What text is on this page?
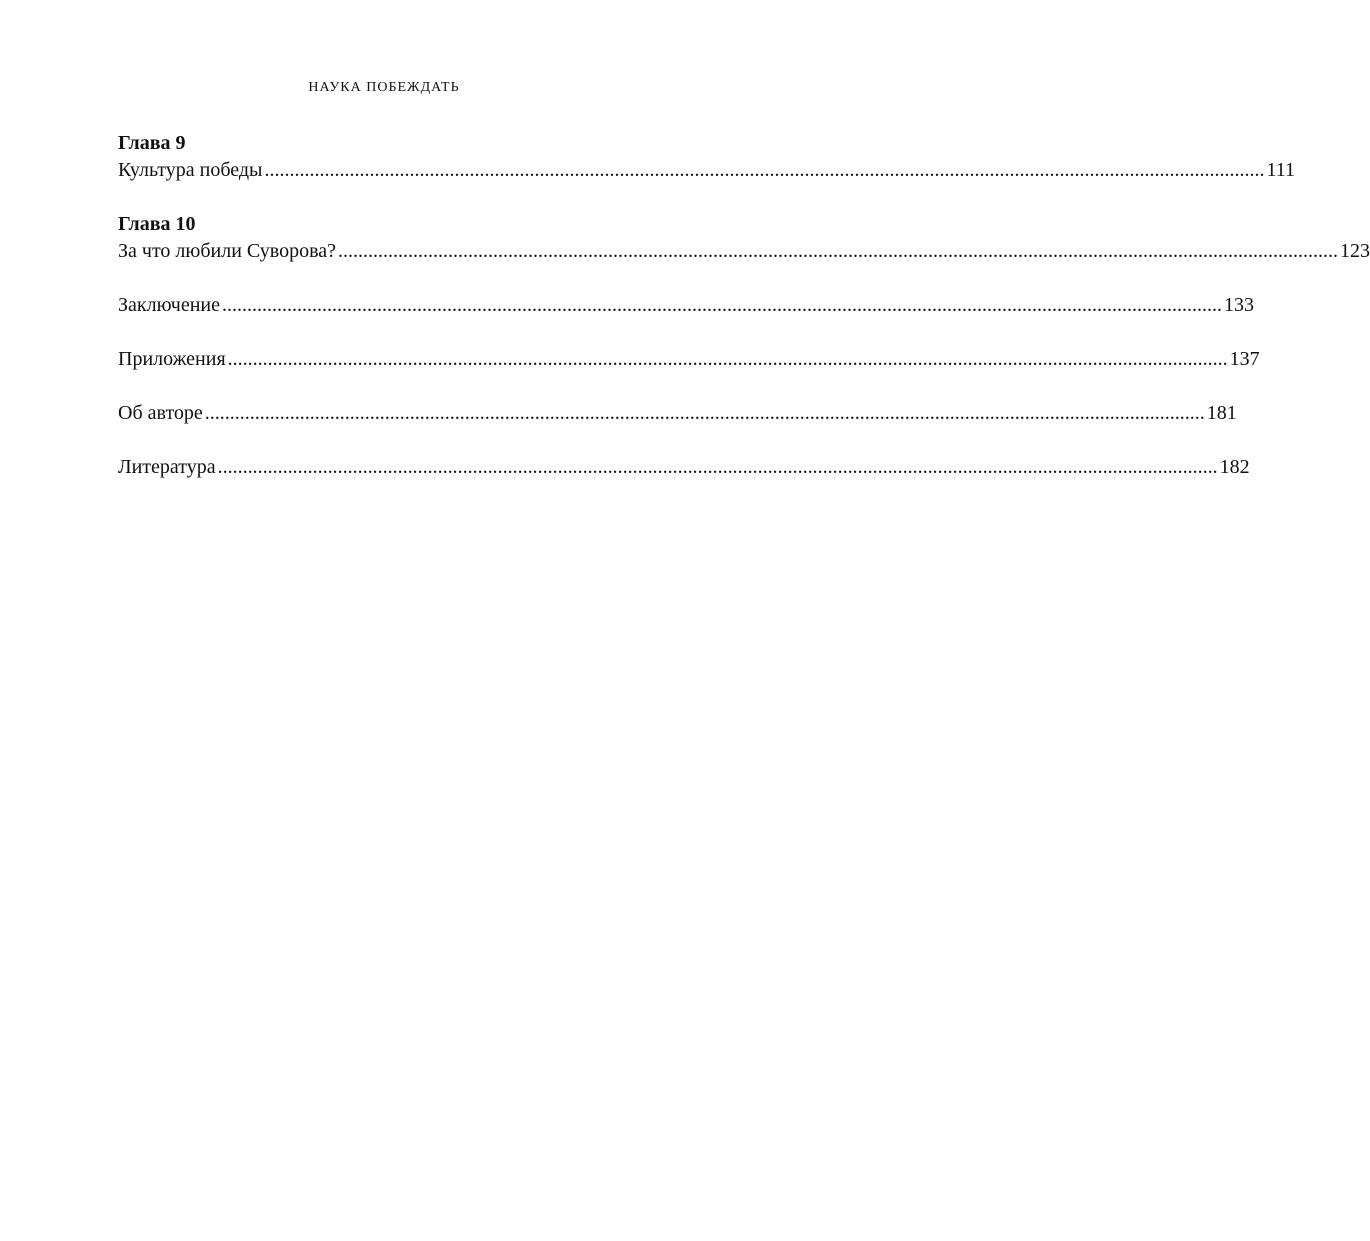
НАУКА ПОБЕЖДАТЬ
Глава 9
Культура победы ........................................................................................................................................................................................................ 111
Глава 10
За что любили Суворова? ........................................................................................................................................................................................................ 123
Заключение ........................................................................................................................................................................................................ 133
Приложения ........................................................................................................................................................................................................ 137
Об авторе ........................................................................................................................................................................................................ 181
Литература ........................................................................................................................................................................................................ 182
